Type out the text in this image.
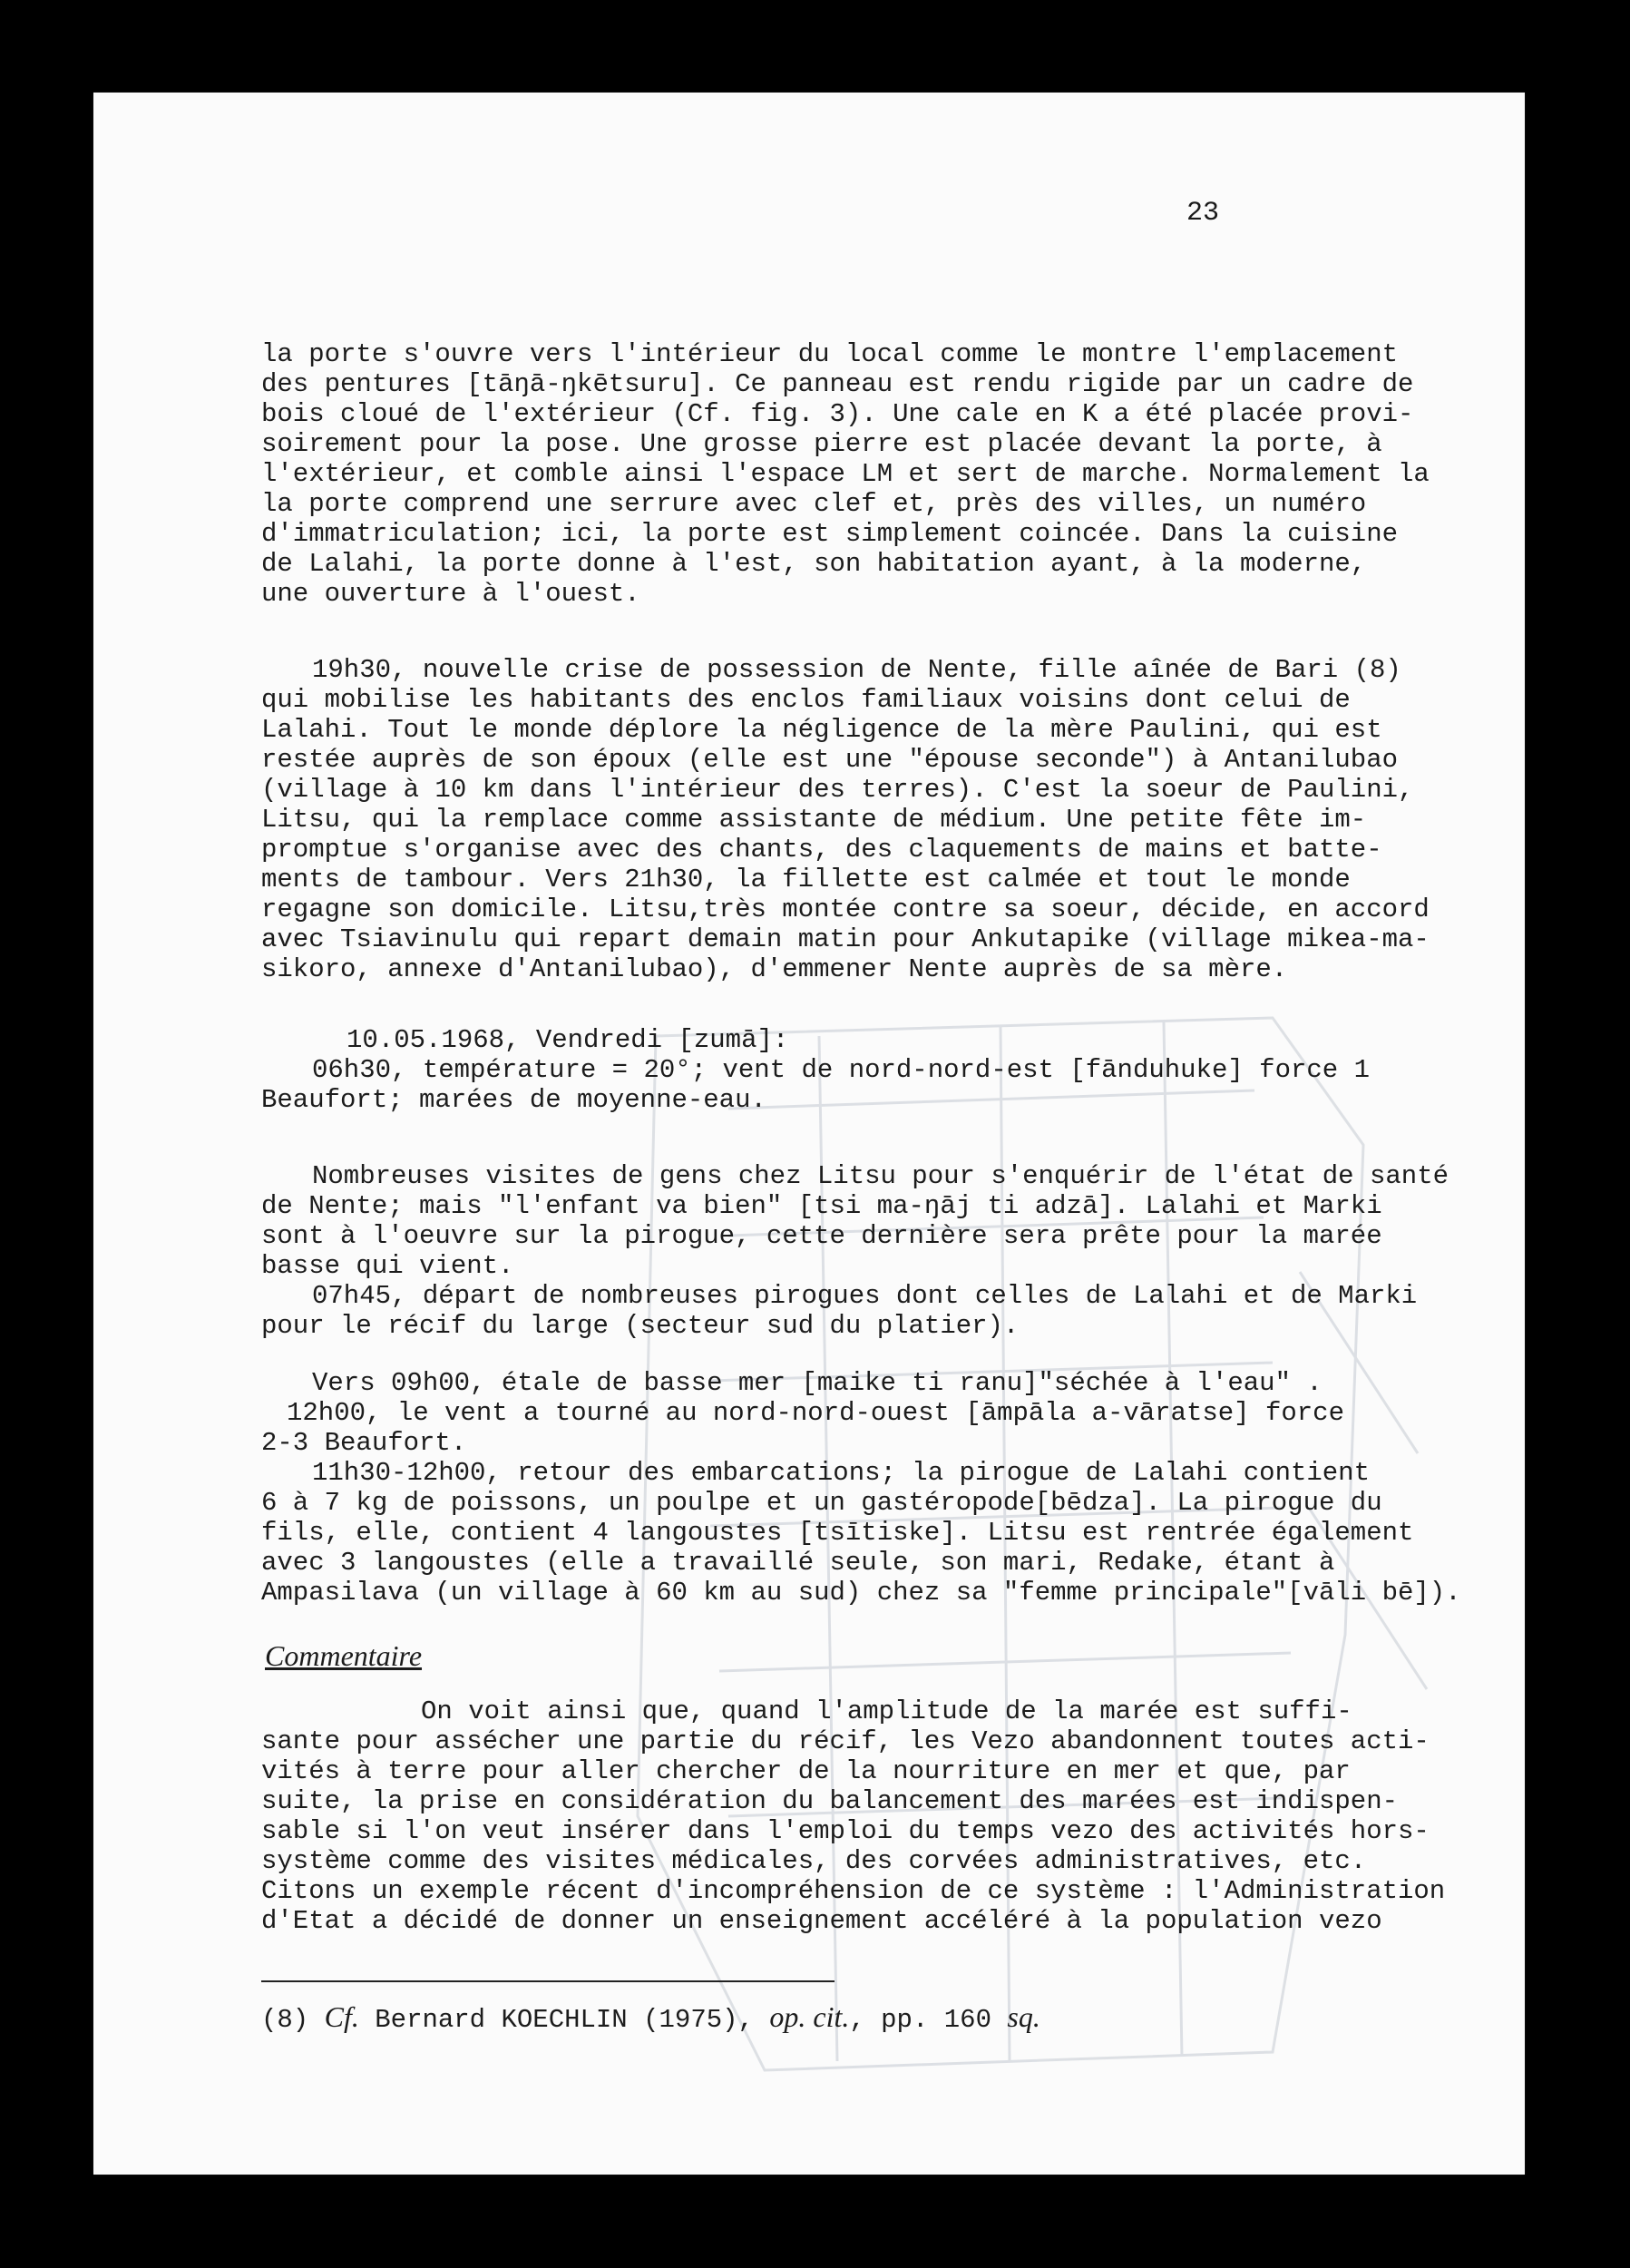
23
la porte s'ouvre vers l'intérieur du local comme le montre l'emplacement
des pentures [tāŋā-ŋkētsuru]. Ce panneau est rendu rigide par un cadre de
bois cloué de l'extérieur (Cf. fig. 3). Une cale en K a été placée provi-
soirement pour la pose. Une grosse pierre est placée devant la porte, à
l'extérieur, et comble ainsi l'espace LM et sert de marche. Normalement la
la porte comprend une serrure avec clef et, près des villes, un numéro
d'immatriculation; ici, la porte est simplement coincée. Dans la cuisine
de Lalahi, la porte donne à l'est, son habitation ayant, à la moderne,
une ouverture à l'ouest.
19h30, nouvelle crise de possession de Nente, fille aînée de Bari (8)
qui mobilise les habitants des enclos familiaux voisins dont celui de
Lalahi. Tout le monde déplore la négligence de la mère Paulini, qui est
restée auprès de son époux (elle est une "épouse seconde") à Antanilubao
(village à 10 km dans l'intérieur des terres). C'est la soeur de Paulini,
Litsu, qui la remplace comme assistante de médium. Une petite fête im-
promptue s'organise avec des chants, des claquements de mains et batte-
ments de tambour. Vers 21h30, la fillette est calmée et tout le monde
regagne son domicile. Litsu,très montée contre sa soeur, décide, en accord
avec Tsiavinulu qui repart demain matin pour Ankutapike (village mikea-ma-
sikoro, annexe d'Antanilubao), d'emmener Nente auprès de sa mère.
10.05.1968, Vendredi [zumā]:
06h30, température = 20°; vent de nord-nord-est [fānduhuke] force 1
Beaufort; marées de moyenne-eau.
Nombreuses visites de gens chez Litsu pour s'enquérir de l'état de santé
de Nente; mais "l'enfant va bien" [tsi ma-ŋāj ti adzā]. Lalahi et Marki
sont à l'oeuvre sur la pirogue, cette dernière sera prête pour la marée
basse qui vient.
07h45, départ de nombreuses pirogues dont celles de Lalahi et de Marki
pour le récif du large (secteur sud du platier).
Vers 09h00, étale de basse mer [maike ti ranu]"séchée à l'eau" .
12h00, le vent a tourné au nord-nord-ouest [āmpāla a-vāratse] force
2-3 Beaufort.
11h30-12h00, retour des embarcations; la pirogue de Lalahi contient
6 à 7 kg de poissons, un poulpe et un gastéropode[bēdza]. La pirogue du
fils, elle, contient 4 langoustes [tsītiske]. Litsu est rentrée également
avec 3 langoustes (elle a travaillé seule, son mari, Redake, étant à
Ampasilava (un village à 60 km au sud) chez sa "femme principale"[vāli bē]).
Commentaire
On voit ainsi que, quand l'amplitude de la marée est suffi-
sante pour assécher une partie du récif, les Vezo abandonnent toutes acti-
vités à terre pour aller chercher de la nourriture en mer et que, par
suite, la prise en considération du balancement des marées est indispen-
sable si l'on veut insérer dans l'emploi du temps vezo des activités hors-
système comme des visites médicales, des corvées administratives, etc.
Citons un exemple récent d'incompréhension de ce système : l'Administration
d'Etat a décidé de donner un enseignement accéléré à la population vezo
(8) Cf. Bernard KOECHLIN (1975), op. cit., pp. 160 sq.
